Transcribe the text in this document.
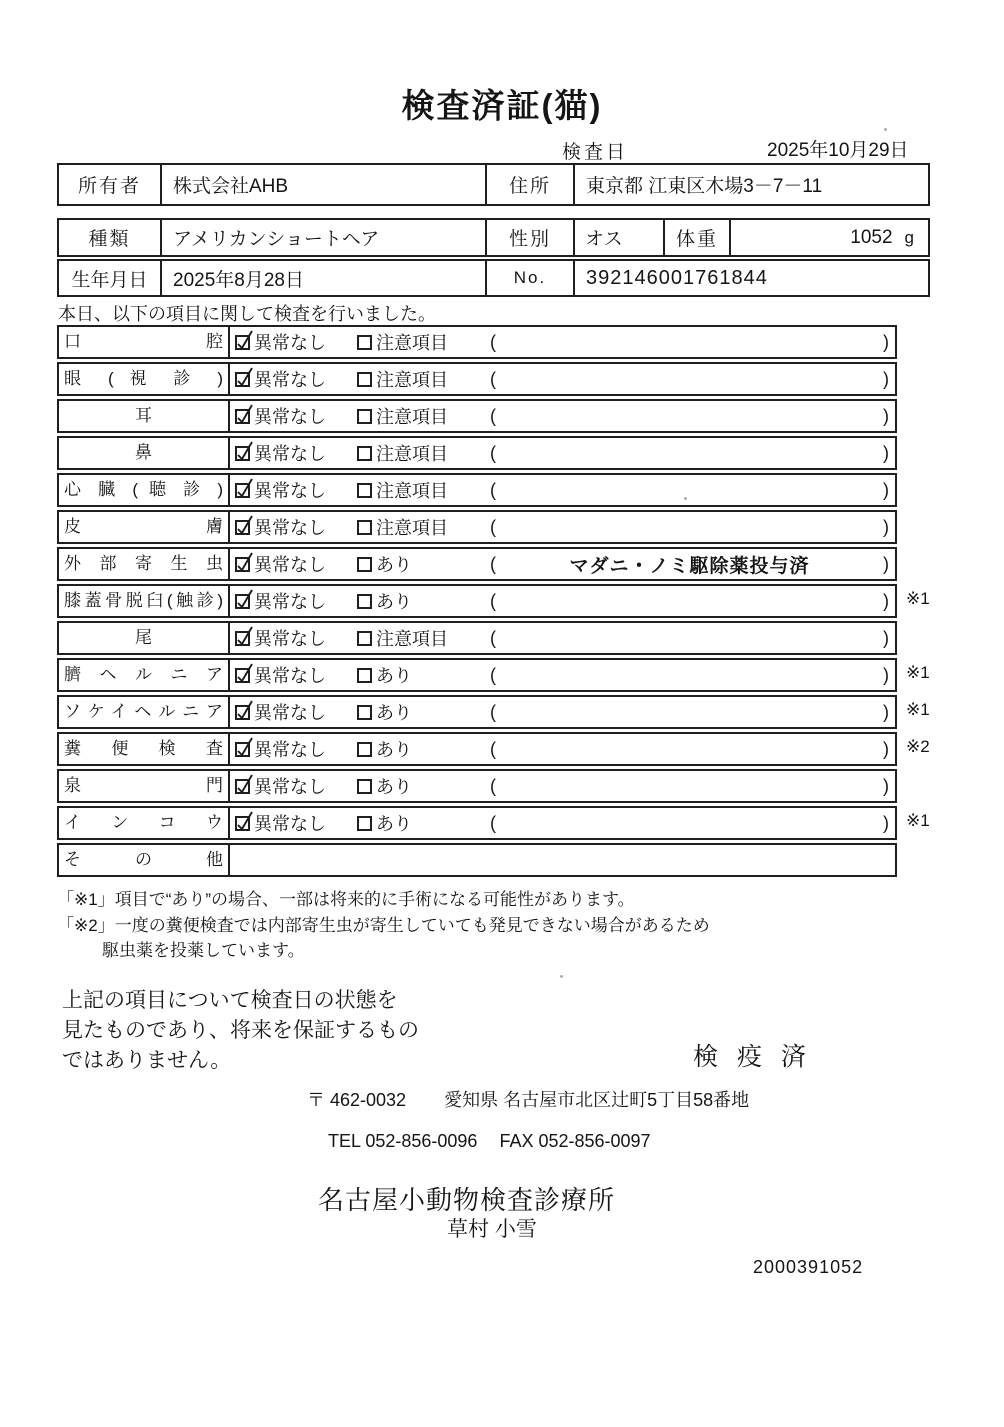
検査済証(猫)
検査日	2025年10月29日
所有者	株式会社AHB	住所	東京都 江東区木場3－7－11
種類	アメリカンショートヘア	性別	オス	体重	1052 g
生年月日	2025年8月28日	No.	392146001761844
本日、以下の項目に関して検査を行いました。
口 腔	異常なし	注意項目 (	)
眼 ( 視 診 )	異常なし	注意項目 (	)
耳	異常なし	注意項目 (	)
鼻	異常なし	注意項目 (	)
心 臓 ( 聴 診 )	異常なし	注意項目 (	)
皮 膚	異常なし	注意項目 (	)
外 部 寄 生 虫	異常なし	あり	(	マダニ・ノミ駆除薬投与済	)
膝蓋骨脱臼(触診)	異常なし	あり	(	) ※1
尾	異常なし	注意項目 (	)
臍 ヘ ル ニ ア	異常なし	あり	(	) ※1
ソケイヘルニア	異常なし	あり	(	) ※1
糞 便 検 査	異常なし	あり	(	) ※2
泉 門	異常なし	あり	(	)
イ ン コ ウ	異常なし	あり	(	) ※1
そ の 他
「※1」項目で“あり”の場合、一部は将来的に手術になる可能性があります。
「※2」一度の糞便検査では内部寄生虫が寄生していても発見できない場合があるため
駆虫薬を投薬しています。
上記の項目について検査日の状態を
見たものであり、将来を保証するもの
ではありません。	検 疫 済
〒 462-0032 愛知県 名古屋市北区辻町5丁目58番地
TEL 052-856-0096 FAX 052-856-0097
名古屋小動物検査診療所
草村 小雪
2000391052
